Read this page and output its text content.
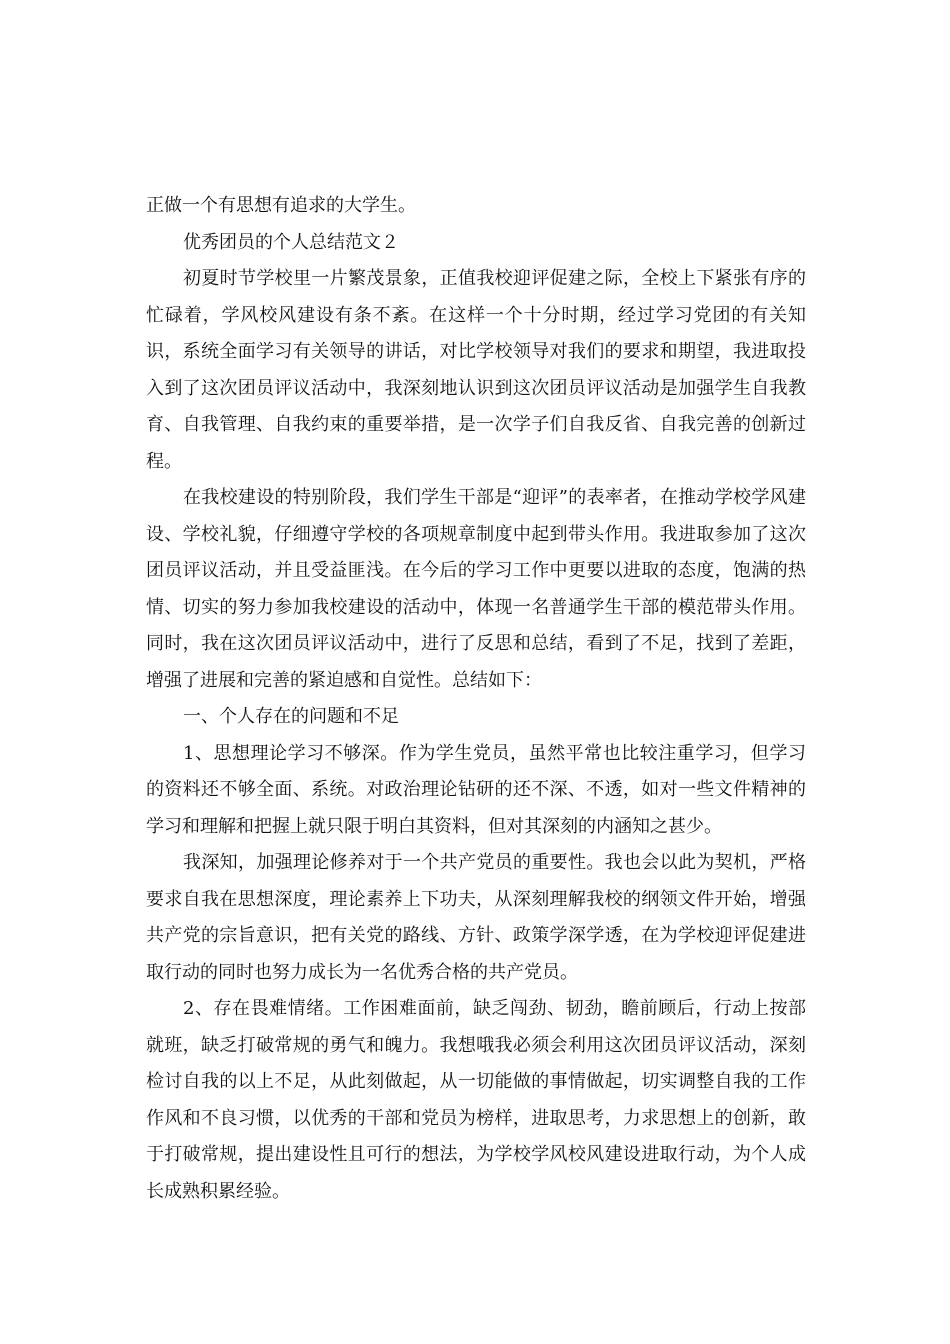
正做一个有思想有追求的大学生。

优秀团员的个人总结范文２

初夏时节学校里一片繁茂景象，正值我校迎评促建之际，全校上下紧张有序的忙碌着，学风校风建设有条不紊。在这样一个十分时期，经过学习党团的有关知识，系统全面学习有关领导的讲话，对比学校领导对我们的要求和期望，我进取投入到了这次团员评议活动中，我深刻地认识到这次团员评议活动是加强学生自我教育、自我管理、自我约束的重要举措，是一次学子们自我反省、自我完善的创新过程。

在我校建设的特别阶段，我们学生干部是“迎评”的表率者，在推动学校学风建设、学校礼貌，仔细遵守学校的各项规章制度中起到带头作用。我进取参加了这次团员评议活动，并且受益匪浅。在今后的学习工作中更要以进取的态度，饱满的热情、切实的努力参加我校建设的活动中，体现一名普通学生干部的模范带头作用。同时，我在这次团员评议活动中，进行了反思和总结，看到了不足，找到了差距，增强了进展和完善的紧迫感和自觉性。总结如下：

一、个人存在的问题和不足

1、思想理论学习不够深。作为学生党员，虽然平常也比较注重学习，但学习的资料还不够全面、系统。对政治理论钻研的还不深、不透，如对一些文件精神的学习和理解和把握上就只限于明白其资料，但对其深刻的内涵知之甚少。

我深知，加强理论修养对于一个共产党员的重要性。我也会以此为契机，严格要求自我在思想深度，理论素养上下功夫，从深刻理解我校的纲领文件开始，增强共产党的宗旨意识，把有关党的路线、方针、政策学深学透，在为学校迎评促建进取行动的同时也努力成长为一名优秀合格的共产党员。

2、存在畏难情绪。工作困难面前，缺乏闯劲、韧劲，瞻前顾后，行动上按部就班，缺乏打破常规的勇气和魄力。我想哦我必须会利用这次团员评议活动，深刻检讨自我的以上不足，从此刻做起，从一切能做的事情做起，切实调整自我的工作作风和不良习惯，以优秀的干部和党员为榜样，进取思考，力求思想上的创新，敢于打破常规，提出建设性且可行的想法，为学校学风校风建设进取行动，为个人成长成熟积累经验。
